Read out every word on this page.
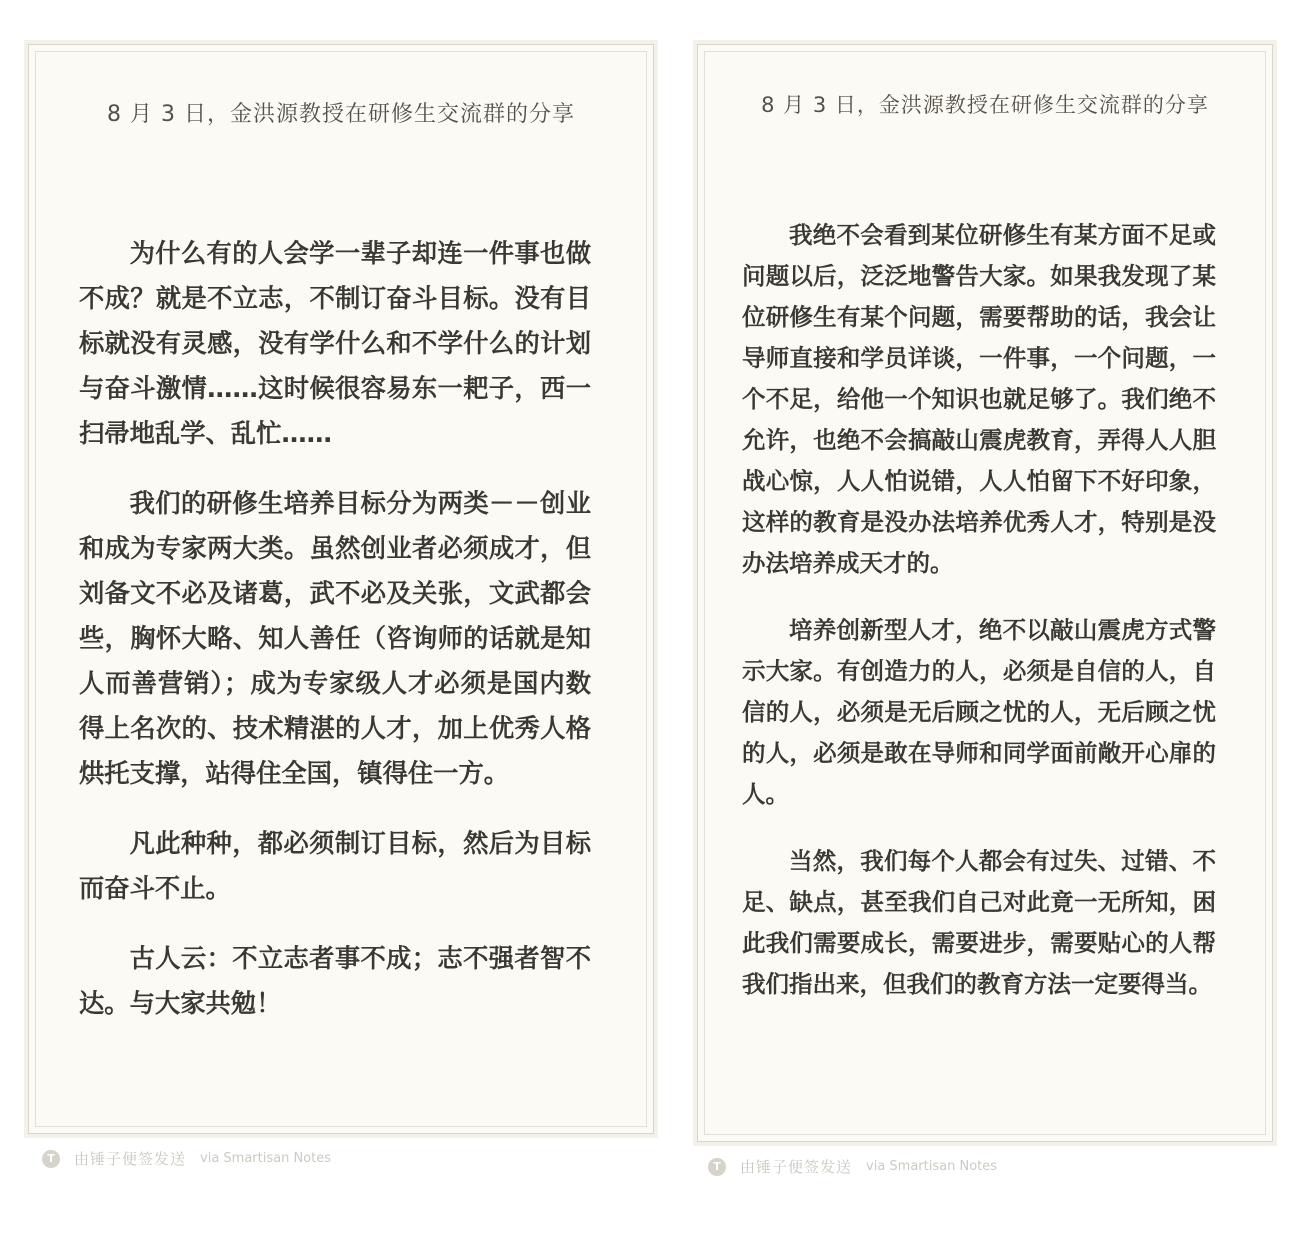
8 月 3 日，金洪源教授在研修生交流群的分享

为什么有的人会学一辈子却连一件事也做不成？就是不立志，不制订奋斗目标。没有目标就没有灵感，没有学什么和不学什么的计划与奋斗激情……这时候很容易东一耙子，西一扫帚地乱学、乱忙……

我们的研修生培养目标分为两类－－创业和成为专家两大类。虽然创业者必须成才，但刘备文不必及诸葛，武不必及关张，文武都会些，胸怀大略、知人善任（咨询师的话就是知人而善营销）；成为专家级人才必须是国内数得上名次的、技术精湛的人才，加上优秀人格烘托支撑，站得住全国，镇得住一方。

凡此种种，都必须制订目标，然后为目标而奋斗不止。

古人云：不立志者事不成；志不强者智不达。与大家共勉！

T	由锤子便签发送 via Smartisan Notes
8 月 3 日，金洪源教授在研修生交流群的分享

我绝不会看到某位研修生有某方面不足或问题以后，泛泛地警告大家。如果我发现了某位研修生有某个问题，需要帮助的话，我会让导师直接和学员详谈，一件事，一个问题，一个不足，给他一个知识也就足够了。我们绝不允许，也绝不会搞敲山震虎教育，弄得人人胆战心惊，人人怕说错，人人怕留下不好印象，这样的教育是没办法培养优秀人才，特别是没办法培养成天才的。

培养创新型人才，绝不以敲山震虎方式警示大家。有创造力的人，必须是自信的人，自信的人，必须是无后顾之忧的人，无后顾之忧的人，必须是敢在导师和同学面前敞开心扉的人。

当然，我们每个人都会有过失、过错、不足、缺点，甚至我们自己对此竟一无所知，困此我们需要成长，需要进步，需要贴心的人帮我们指出来，但我们的教育方法一定要得当。

T	由锤子便签发送 via Smartisan Notes
